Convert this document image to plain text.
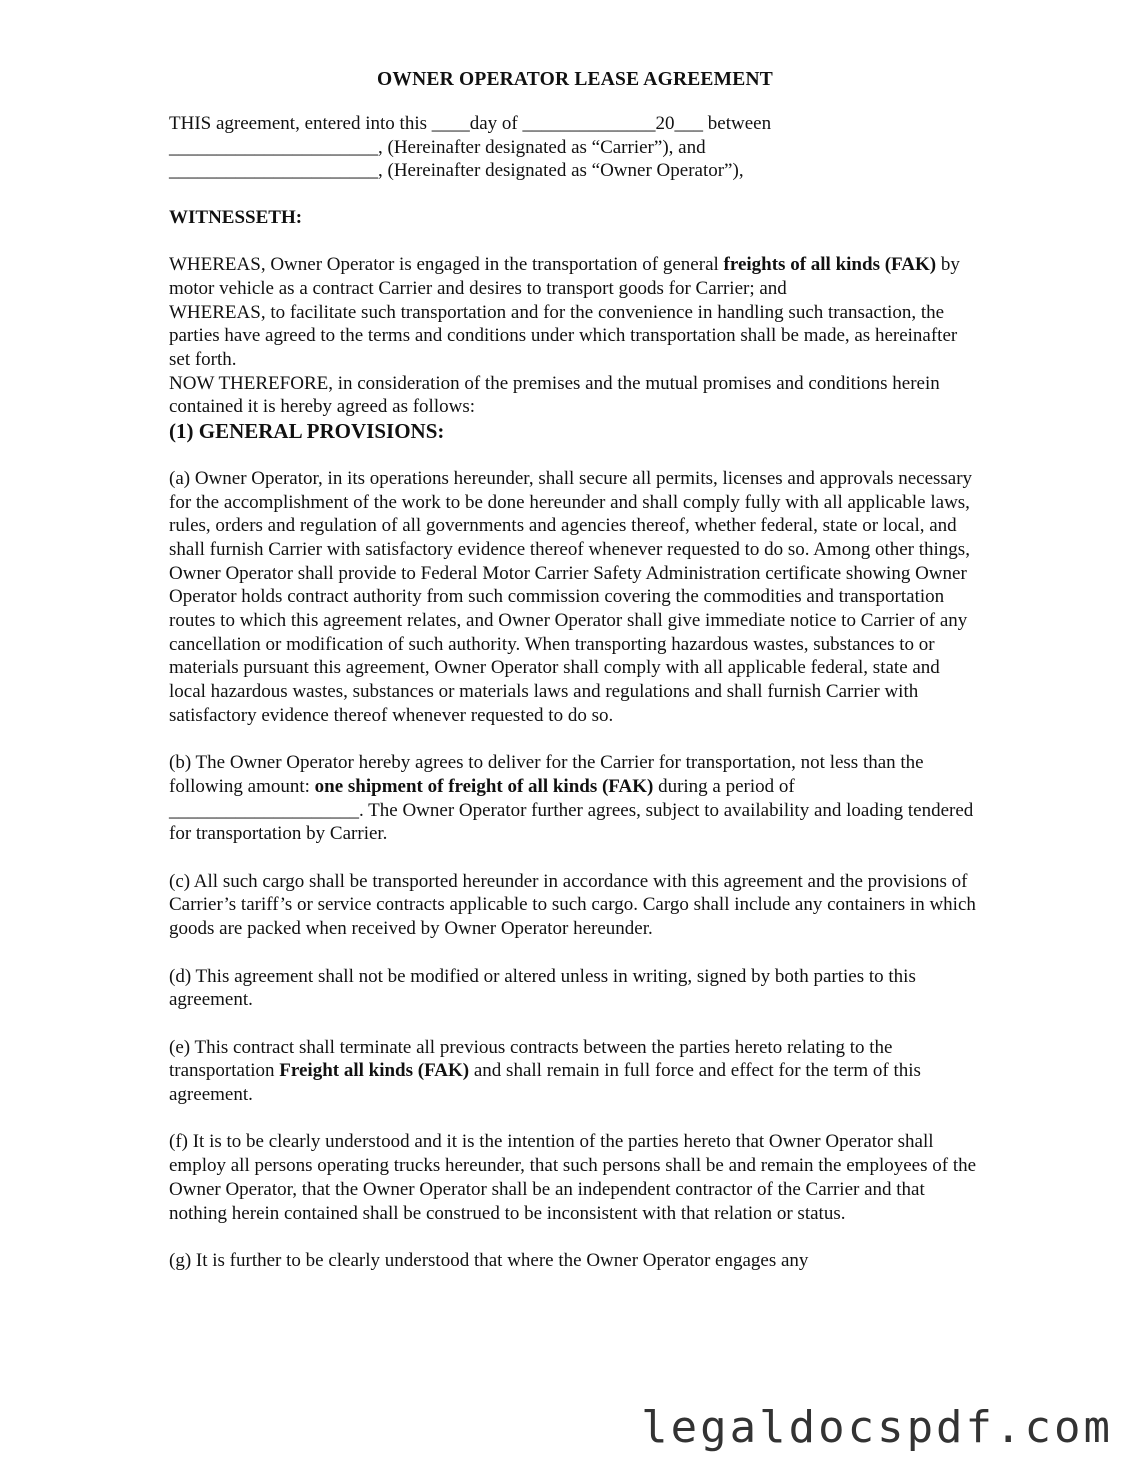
OWNER OPERATOR LEASE AGREEMENT
THIS agreement, entered into this ____day of ______________20___ between
______________________, (Hereinafter designated as “Carrier”), and
______________________, (Hereinafter designated as “Owner Operator”),
WITNESSETH:

WHEREAS, Owner Operator is engaged in the transportation of general freights of all kinds (FAK) by motor vehicle as a contract Carrier and desires to transport goods for Carrier; and

WHEREAS, to facilitate such transportation and for the convenience in handling such transaction, the parties have agreed to the terms and conditions under which transportation shall be made, as hereinafter set forth.

NOW THEREFORE, in consideration of the premises and the mutual promises and conditions herein contained it is hereby agreed as follows:

(1) GENERAL PROVISIONS:

(a) Owner Operator, in its operations hereunder, shall secure all permits, licenses and approvals necessary for the accomplishment of the work to be done hereunder and shall comply fully with all applicable laws, rules, orders and regulation of all governments and agencies thereof, whether federal, state or local, and shall furnish Carrier with satisfactory evidence thereof whenever requested to do so. Among other things, Owner Operator shall provide to Federal Motor Carrier Safety Administration certificate showing Owner Operator holds contract authority from such commission covering the commodities and transportation routes to which this agreement relates, and Owner Operator shall give immediate notice to Carrier of any cancellation or modification of such authority. When transporting hazardous wastes, substances to or materials pursuant this agreement, Owner Operator shall comply with all applicable federal, state and local hazardous wastes, substances or materials laws and regulations and shall furnish Carrier with satisfactory evidence thereof whenever requested to do so.

(b) The Owner Operator hereby agrees to deliver for the Carrier for transportation, not less than the following amount: one shipment of freight of all kinds (FAK) during a period of ____________________. The Owner Operator further agrees, subject to availability and loading tendered for transportation by Carrier.

(c) All such cargo shall be transported hereunder in accordance with this agreement and the provisions of Carrier’s tariff’s or service contracts applicable to such cargo. Cargo shall include any containers in which goods are packed when received by Owner Operator hereunder.

(d) This agreement shall not be modified or altered unless in writing, signed by both parties to this agreement.

(e) This contract shall terminate all previous contracts between the parties hereto relating to the transportation Freight all kinds (FAK) and shall remain in full force and effect for the term of this agreement.

(f) It is to be clearly understood and it is the intention of the parties hereto that Owner Operator shall employ all persons operating trucks hereunder, that such persons shall be and remain the employees of the Owner Operator, that the Owner Operator shall be an independent contractor of the Carrier and that nothing herein contained shall be construed to be inconsistent with that relation or status.

(g) It is further to be clearly understood that where the Owner Operator engages any

legaldocspdf.com
